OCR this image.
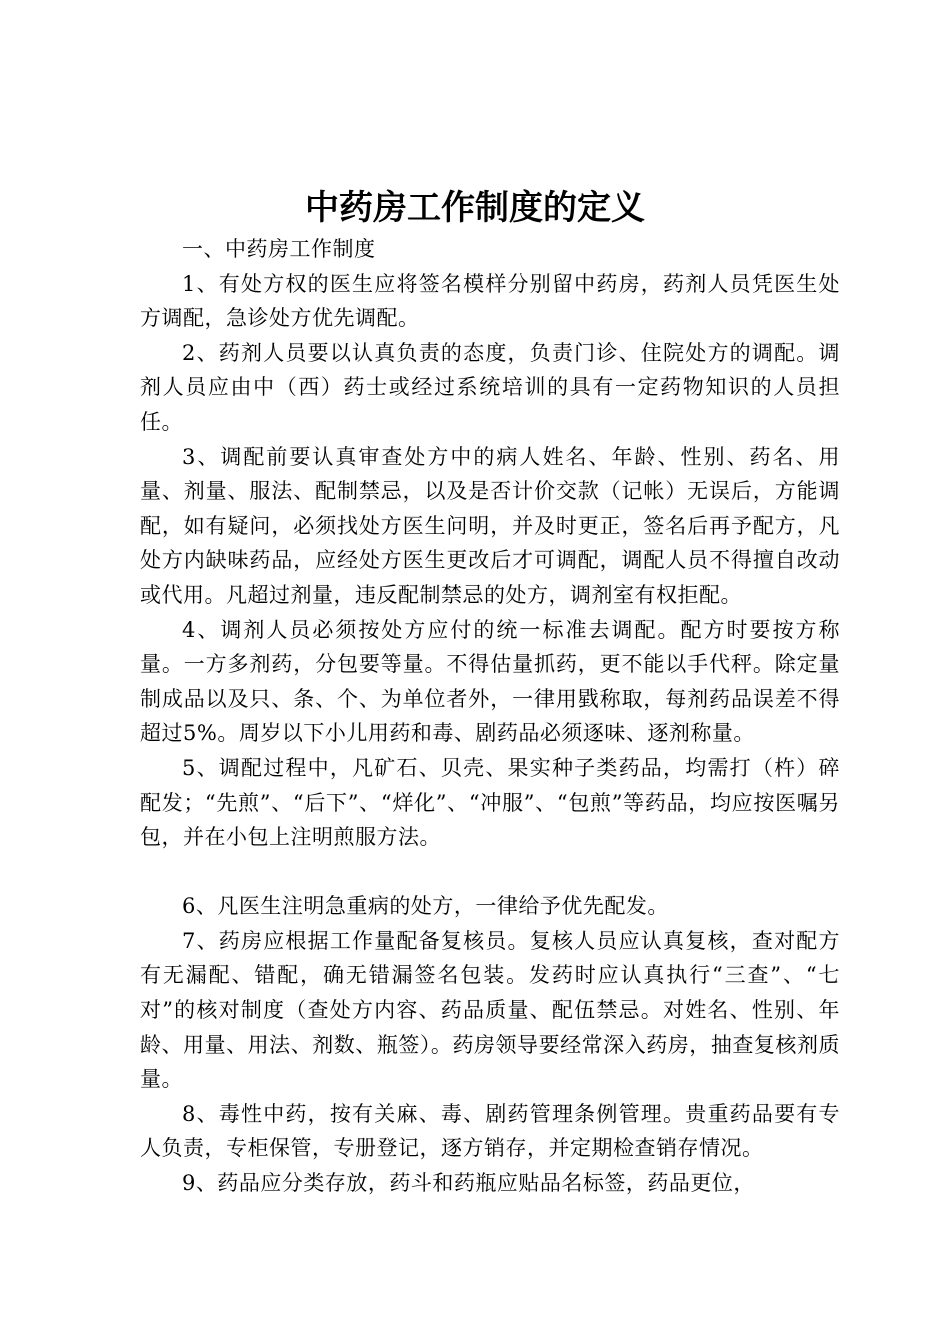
中药房工作制度的定义

一、中药房工作制度

1、有处方权的医生应将签名模样分别留中药房，药剂人员凭医生处方调配，急诊处方优先调配。

2、药剂人员要以认真负责的态度，负责门诊、住院处方的调配。调剂人员应由中（西）药士或经过系统培训的具有一定药物知识的人员担任。

3、调配前要认真审查处方中的病人姓名、年龄、性别、药名、用量、剂量、服法、配制禁忌，以及是否计价交款（记帐）无误后，方能调配，如有疑问，必须找处方医生问明，并及时更正，签名后再予配方，凡处方内缺味药品，应经处方医生更改后才可调配，调配人员不得擅自改动或代用。凡超过剂量，违反配制禁忌的处方，调剂室有权拒配。

4、调剂人员必须按处方应付的统一标准去调配。配方时要按方称量。一方多剂药，分包要等量。不得估量抓药，更不能以手代秤。除定量制成品以及只、条、个、为单位者外，一律用戥称取，每剂药品误差不得超过5%。周岁以下小儿用药和毒、剧药品必须逐味、逐剂称量。

5、调配过程中，凡矿石、贝壳、果实种子类药品，均需打（杵）碎配发；“先煎”、“后下”、“烊化”、“冲服”、“包煎”等药品，均应按医嘱另包，并在小包上注明煎服方法。

6、凡医生注明急重病的处方，一律给予优先配发。

7、药房应根据工作量配备复核员。复核人员应认真复核，查对配方有无漏配、错配，确无错漏签名包装。发药时应认真执行“三查”、“七对”的核对制度（查处方内容、药品质量、配伍禁忌。对姓名、性别、年龄、用量、用法、剂数、瓶签）。药房领导要经常深入药房，抽查复核剂质量。

8、毒性中药，按有关麻、毒、剧药管理条例管理。贵重药品要有专人负责，专柜保管，专册登记，逐方销存，并定期检查销存情况。

9、药品应分类存放，药斗和药瓶应贴品名标签，药品更位，
